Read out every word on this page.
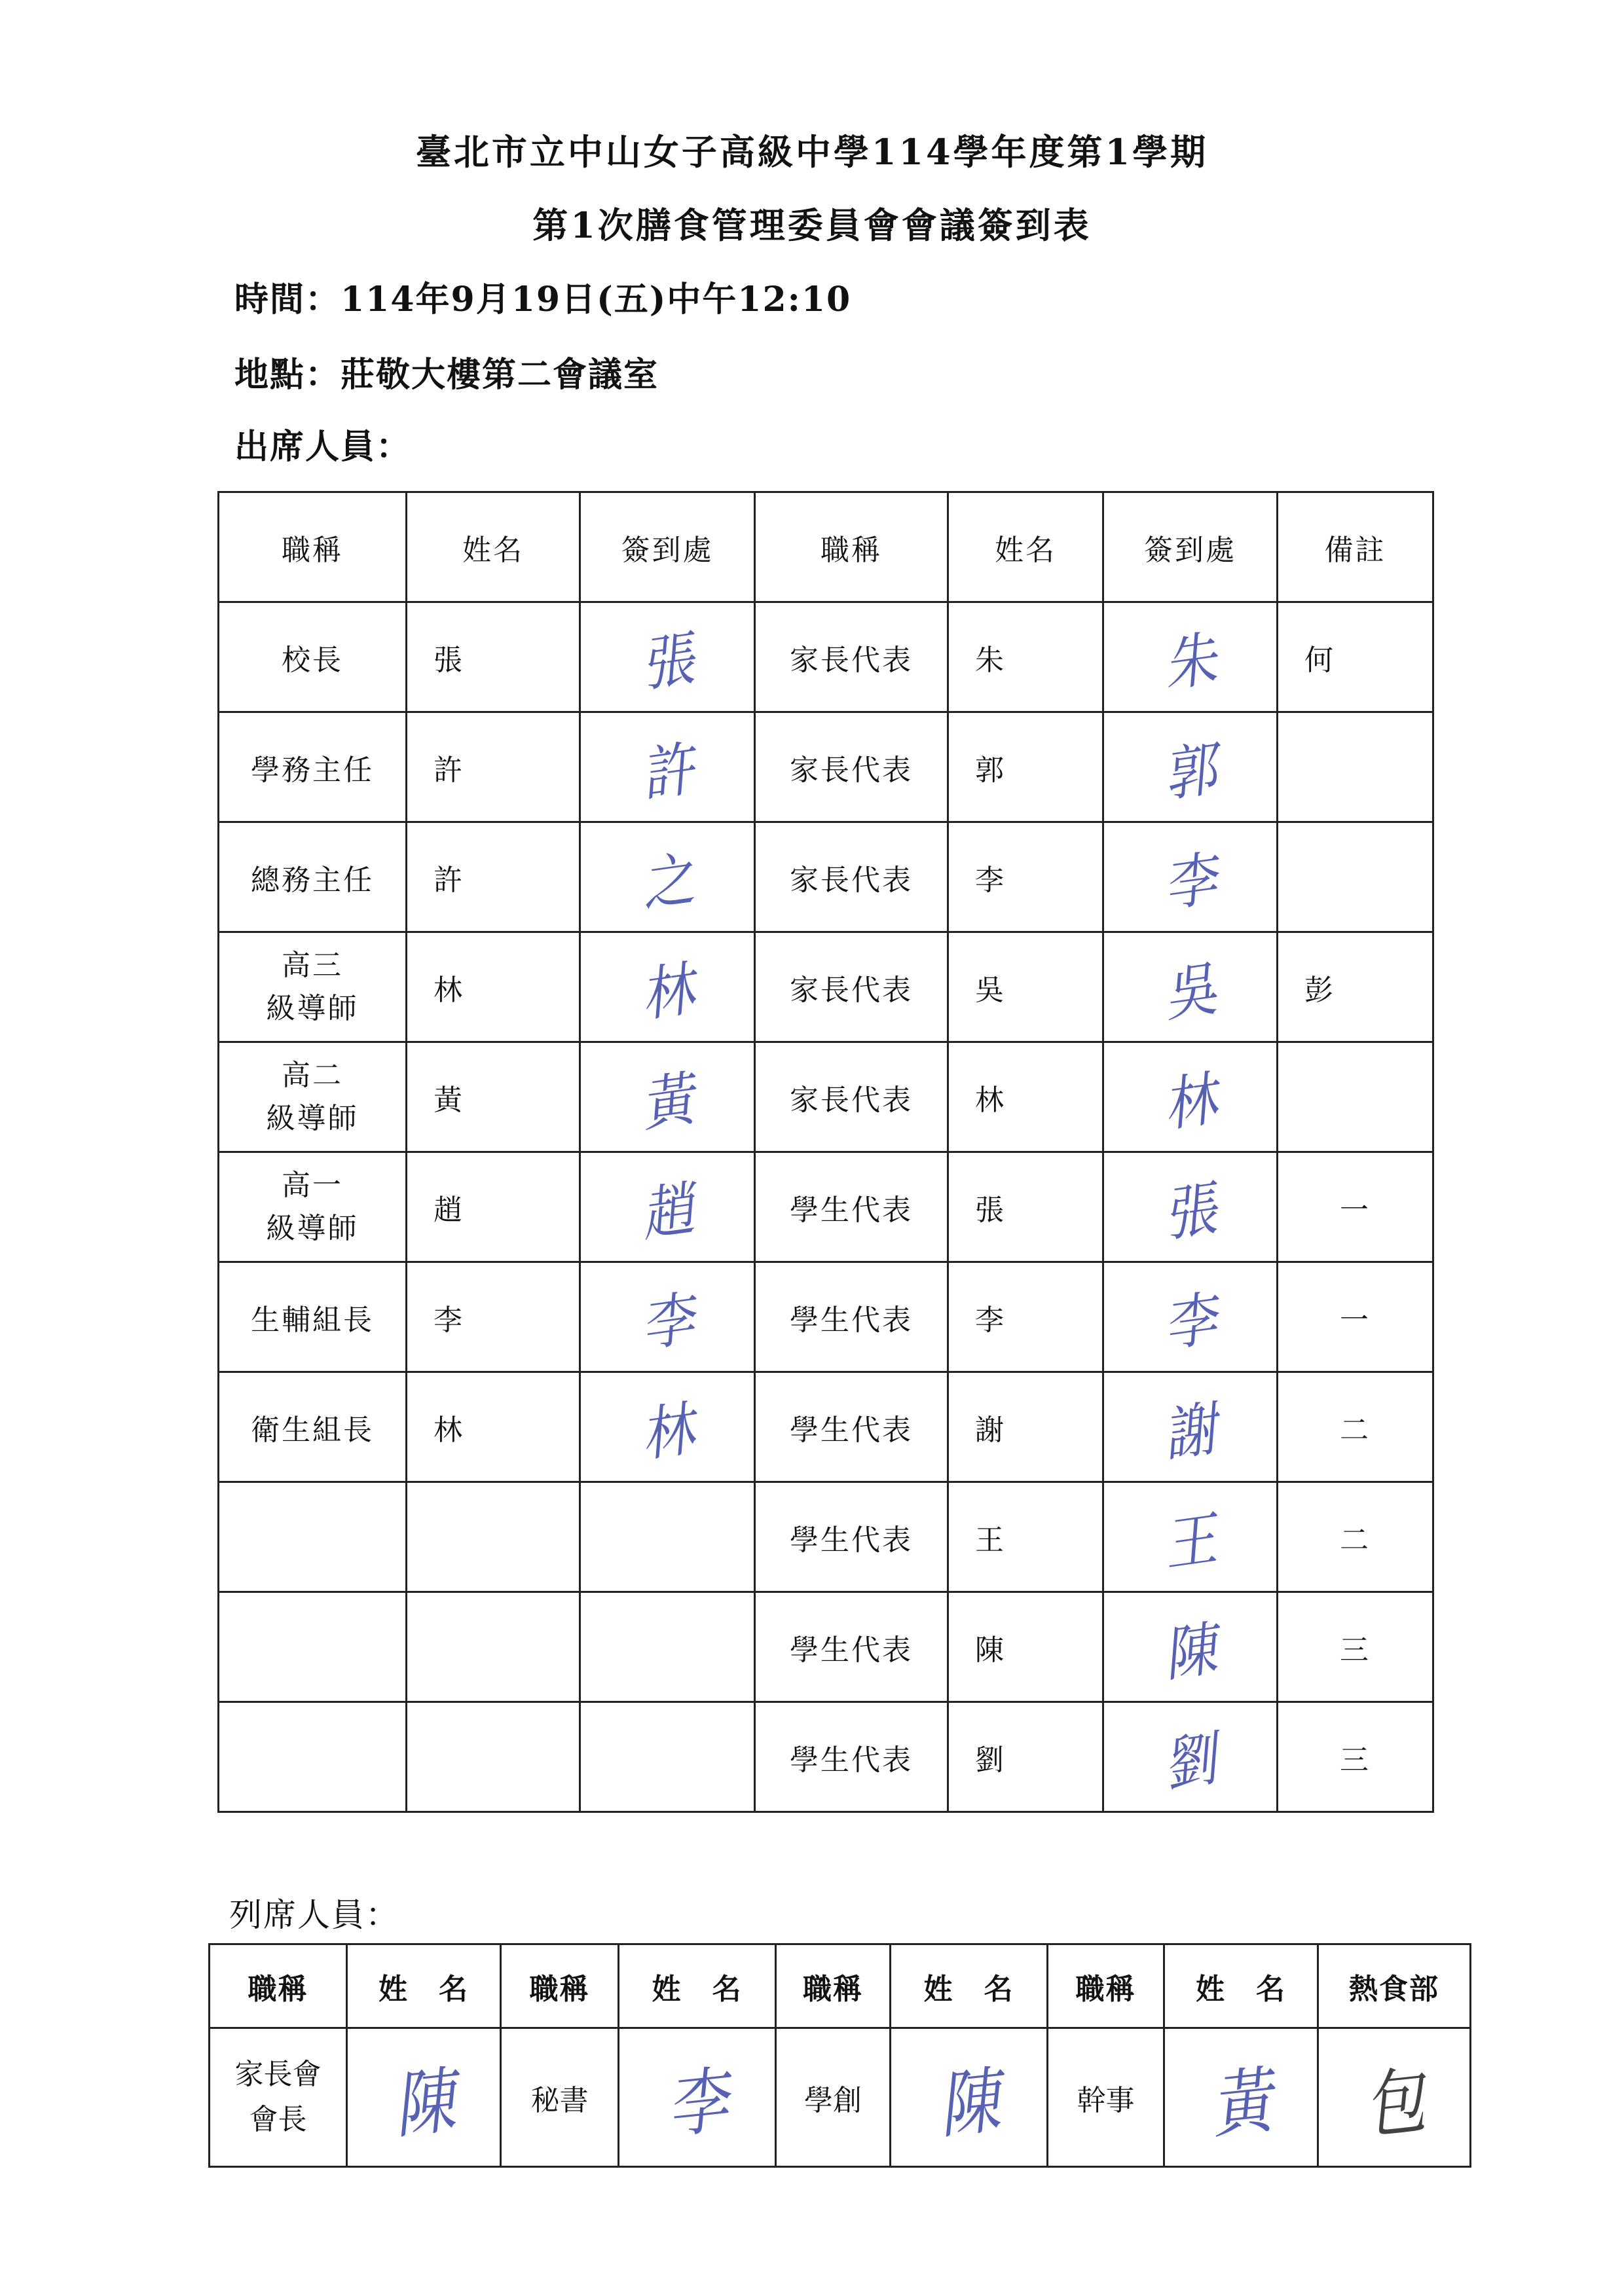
臺北市立中山女子高級中學114學年度第1學期
第1次膳食管理委員會會議簽到表
時間：114年9月19日(五)中午12:10
地點：莊敬大樓第二會議室
出席人員：
職稱	姓名	簽到處	職稱	姓名	簽到處	備註
校長	張	張	家長代表	朱	朱	何
學務主任	許	許	家長代表	郭	郭	
總務主任	許	之	家長代表	李	李	

高三
級導師	林	林	家長代表	吳	吳	彭

高二
級導師	黃	黃	家長代表	林	林	

高一
級導師	趙	趙	學生代表	張	張	一
生輔組長	李	李	學生代表	李	李	一
衛生組長	林	林	學生代表	謝	謝	二
			學生代表	王	王	二
			學生代表	陳	陳	三
			學生代表	劉	劉	三
列席人員：
職稱	姓　名	職稱	姓　名	職稱	姓　名	職稱	姓　名	熱食部

家長會
會長	陳	秘書	李	學創	陳	幹事	黃	包
